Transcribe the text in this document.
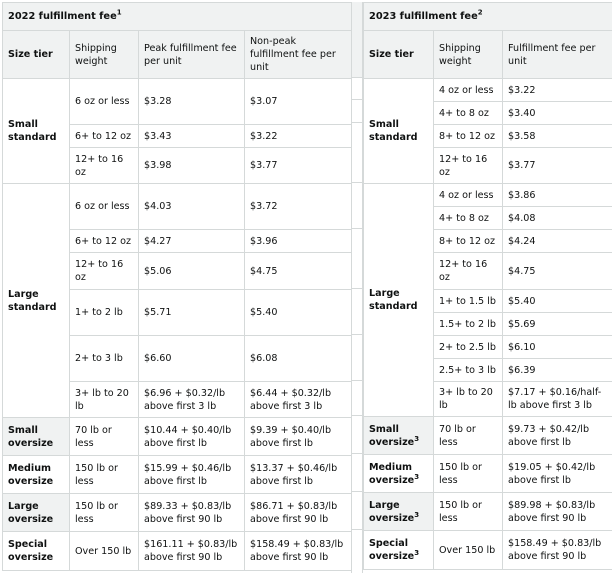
2022 fulfillment fee$^1$
Size tier	Shipping weight	Peak fulfillment fee per unit	Non-peak fulfillment fee per unit
Small standard	6 oz or less	$3.28	$3.07
	6+ to 12 oz	$3.43	$3.22
	12+ to 16 oz	$3.98	$3.77
Large standard	6 oz or less	$4.03	$3.72
	6+ to 12 oz	$4.27	$3.96
	12+ to 16 oz	$5.06	$4.75
	1+ to 2 lb	$5.71	$5.40
	2+ to 3 lb	$6.60	$6.08
	3+ lb to 20 lb	$6.96 + $0.32/lb above first 3 lb	$6.44 + $0.32/lb above first 3 lb
Small oversize	70 lb or less	$10.44 + $0.40/lb above first lb	$9.39 + $0.40/lb above first lb
Medium oversize	150 lb or less	$15.99 + $0.46/lb above first lb	$13.37 + $0.46/lb above first lb
Large oversize	150 lb or less	$89.33 + $0.83/lb above first 90 lb	$86.71 + $0.83/lb above first 90 lb
Special oversize	Over 150 lb	$161.11 + $0.83/lb above first 90 lb	$158.49 + $0.83/lb above first 90 lb
2023 fulfillment fee$^2$
Size tier	Shipping weight	Fulfillment fee per unit
Small standard	4 oz or less	$3.22
	4+ to 8 oz	$3.40
	8+ to 12 oz	$3.58
	12+ to 16 oz	$3.77
Large standard	4 oz or less	$3.86
	4+ to 8 oz	$4.08
	8+ to 12 oz	$4.24
	12+ to 16 oz	$4.75
	1+ to 1.5 lb	$5.40
	1.5+ to 2 lb	$5.69
	2+ to 2.5 lb	$6.10
	2.5+ to 3 lb	$6.39
	3+ lb to 20 lb	$7.17 + $0.16/half-lb above first 3 lb
Small oversize$^3$	70 lb or less	$9.73 + $0.42/lb above first lb
Medium oversize$^3$	150 lb or less	$19.05 + $0.42/lb above first lb
Large oversize$^3$	150 lb or less	$89.98 + $0.83/lb above first 90 lb
Special oversize$^3$	Over 150 lb	$158.49 + $0.83/lb above first 90 lb
